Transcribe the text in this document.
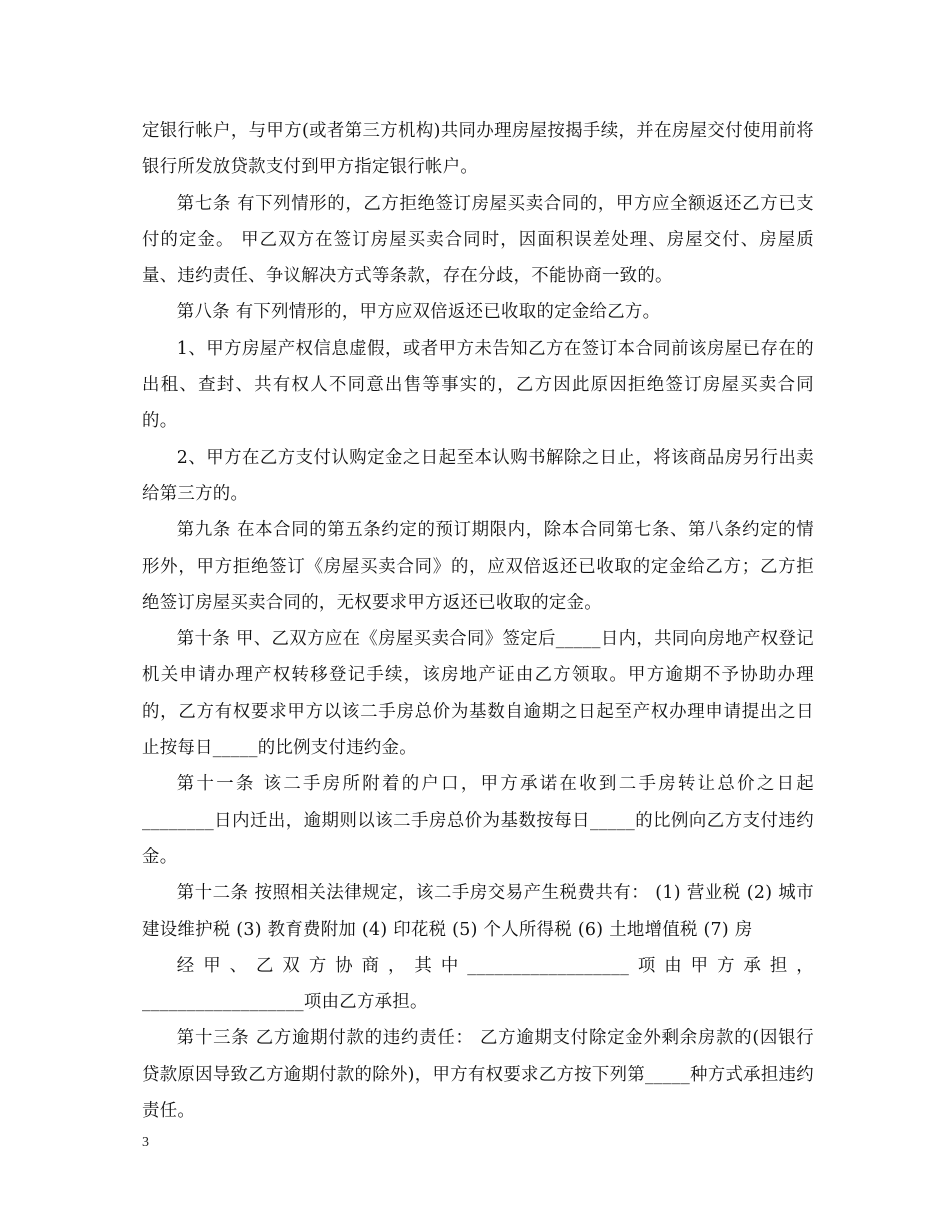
定银行帐户，与甲方(或者第三方机构)共同办理房屋按揭手续，并在房屋交付使用前将银行所发放贷款支付到甲方指定银行帐户。

第七条 有下列情形的，乙方拒绝签订房屋买卖合同的，甲方应全额返还乙方已支付的定金。 甲乙双方在签订房屋买卖合同时，因面积误差处理、房屋交付、房屋质量、违约责任、争议解决方式等条款，存在分歧，不能协商一致的。

第八条 有下列情形的，甲方应双倍返还已收取的定金给乙方。

1、甲方房屋产权信息虚假，或者甲方未告知乙方在签订本合同前该房屋已存在的出租、查封、共有权人不同意出售等事实的，乙方因此原因拒绝签订房屋买卖合同的。

2、甲方在乙方支付认购定金之日起至本认购书解除之日止，将该商品房另行出卖给第三方的。

第九条 在本合同的第五条约定的预订期限内，除本合同第七条、第八条约定的情形外，甲方拒绝签订《房屋买卖合同》的，应双倍返还已收取的定金给乙方；乙方拒绝签订房屋买卖合同的，无权要求甲方返还已收取的定金。

第十条 甲、乙双方应在《房屋买卖合同》签定后_____日内，共同向房地产权登记机关申请办理产权转移登记手续，该房地产证由乙方领取。甲方逾期不予协助办理的，乙方有权要求甲方以该二手房总价为基数自逾期之日起至产权办理申请提出之日止按每日_____的比例支付违约金。

第十一条 该二手房所附着的户口，甲方承诺在收到二手房转让总价之日起________日内迁出，逾期则以该二手房总价为基数按每日_____的比例向乙方支付违约金。

第十二条 按照相关法律规定，该二手房交易产生税费共有： (1) 营业税 (2) 城市建设维护税 (3) 教育费附加 (4) 印花税 (5) 个人所得税 (6) 土地增值税 (7) 房

经甲、乙双方协商，其中__________________项由甲方承担，__________________项由乙方承担。

第十三条 乙方逾期付款的违约责任： 乙方逾期支付除定金外剩余房款的(因银行贷款原因导致乙方逾期付款的除外)，甲方有权要求乙方按下列第_____种方式承担违约责任。

3
